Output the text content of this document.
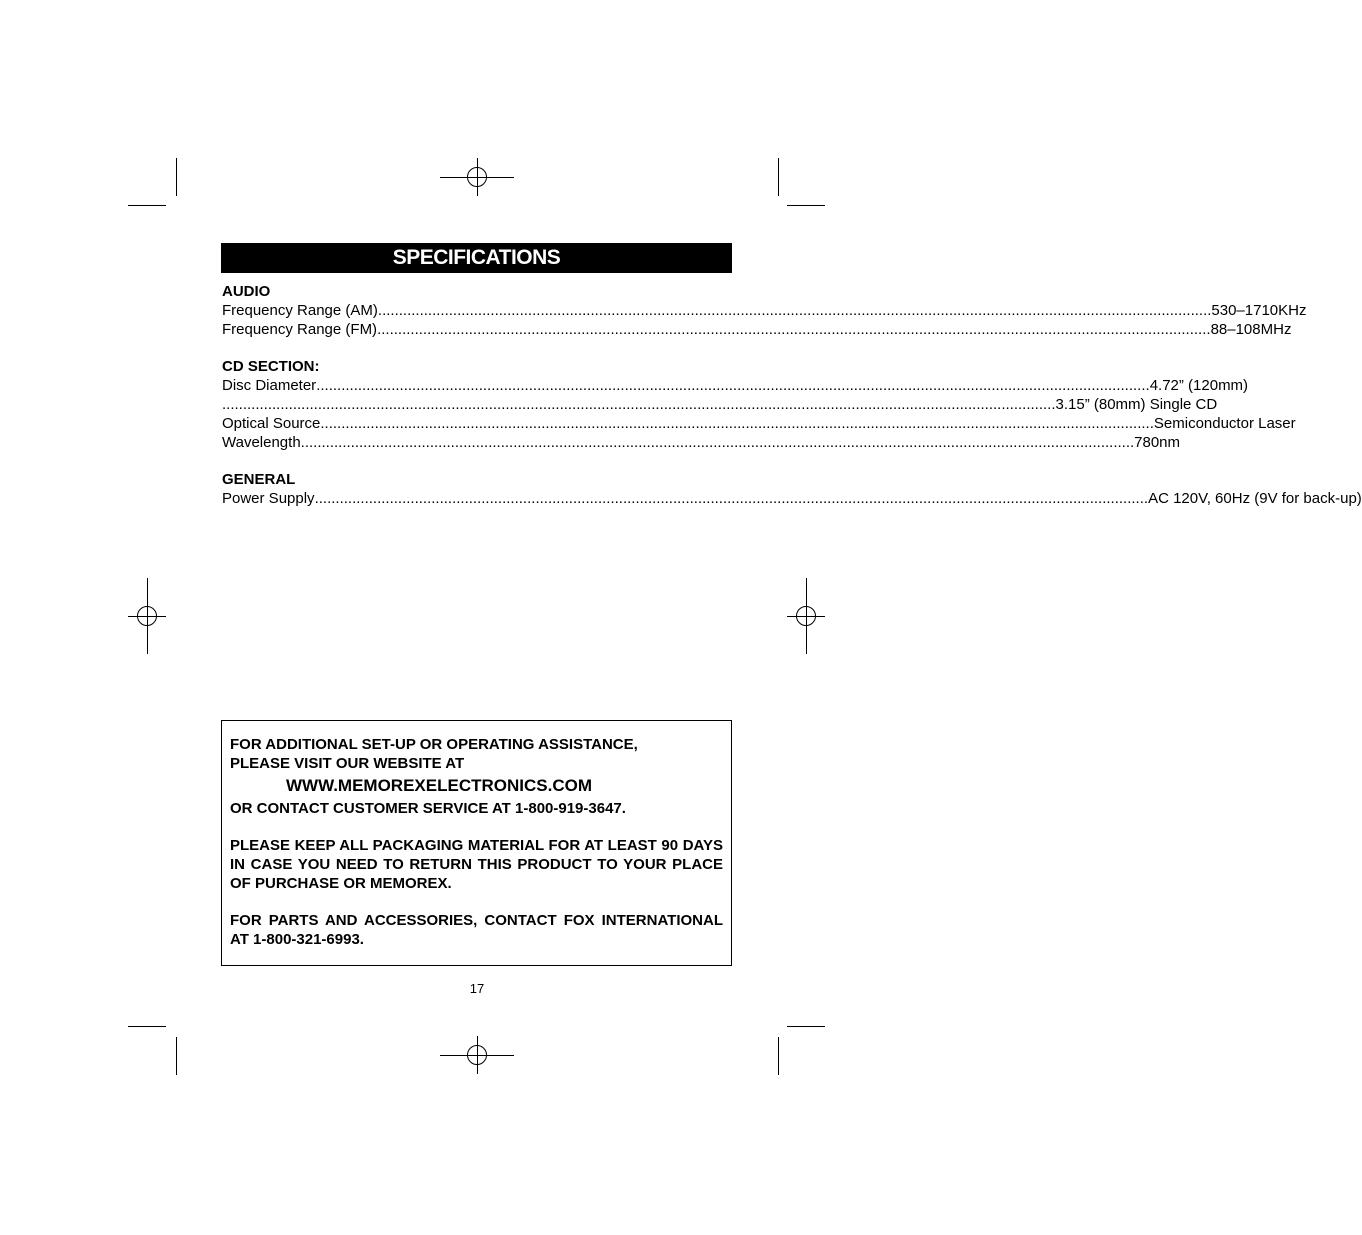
SPECIFICATIONS
AUDIO
Frequency Range (AM) ........................................................................................................................................................................................................ 530–1710KHz
Frequency Range (FM) ........................................................................................................................................................................................................ 88–108MHz
CD SECTION:
Disc Diameter ........................................................................................................................................................................................................ 4.72” (120mm)
........................................................................................................................................................................................................ 3.15” (80mm) Single CD
Optical Source ........................................................................................................................................................................................................ Semiconductor Laser
Wavelength ........................................................................................................................................................................................................ 780nm
GENERAL
Power Supply ........................................................................................................................................................................................................ AC 120V, 60Hz (9V for back-up)

FOR ADDITIONAL SET-UP OR OPERATING ASSISTANCE,

PLEASE VISIT OUR WEBSITE AT

WWW.MEMOREXELECTRONICS.COM

OR CONTACT CUSTOMER SERVICE AT 1-800-919-3647.

PLEASE KEEP ALL PACKAGING MATERIAL FOR AT LEAST 90 DAYS IN CASE YOU NEED TO RETURN THIS PRODUCT TO YOUR PLACE OF PURCHASE OR MEMOREX.

FOR PARTS AND ACCESSORIES, CONTACT FOX INTERNATIONAL AT 1-800-321-6993.

17
